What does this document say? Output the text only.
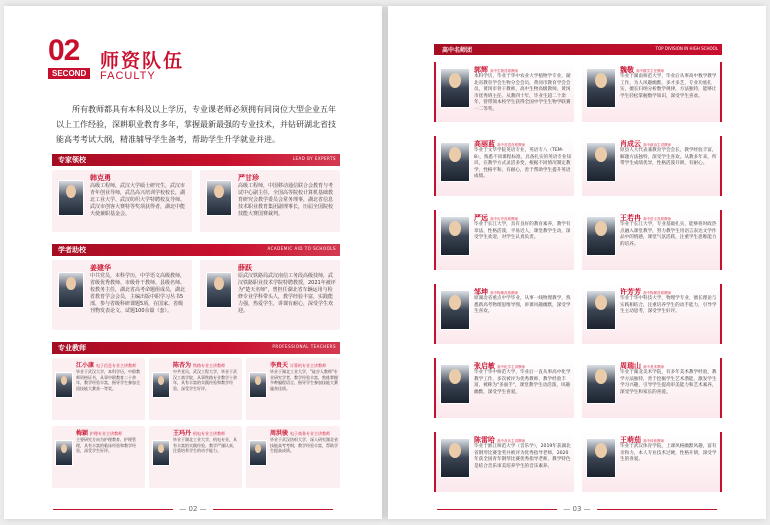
02
SECOND
师资队伍
FACULTY
所有教师都具有本科及以上学历，专业课老师必须拥有同岗位大型企业五年以上工作经验，深耕职业教育多年，掌握最新最强的专业技术，并钻研湖北省技能高考考试大纲，精准辅导学生备考，帮助学生升学就业并进。
专家领校	LEAD BY EXPERTS
韩克勇
高级工程师，武汉大学硕士研究生，武汉市青年创业导师，武昌高兴培训学校校长，湖北工业大学、武汉纺织大学特聘校友导师、武汉市创客大赛特等奖项获得者，湖北中能天使兼职基金会。
严甘珍
高级工程师，中国移动通信联合会教育与考试中心副主任，全国高等院校计算机基础教育研究会教学委员会常务理事，湖北省信息技术职业教育集团副理事长，历届全国院校技能大赛国赛裁判。
学者助校	ACADEMIC AID TO SCHOOLS
姜建华
中共党员，本科学历，中学语文高级教师，省级优秀教师、市级骨干教师、县级名师、校教务主任，湖北省高考命题组成员，湖北省教育学会会员，主编出版中职学习丛书5部，参与省级科研课题5项，在国家、省级刊物发表论文、试题100余篇（套）。
薛跃
原武汉铁路局武汉南信工务段高级技师，武汉铁路职业技术学院特聘教授，2021年被评为"楚天名师"，曾担任湖北省车辆运用与检修专业学科带头人，教学经验丰富，实践能力强，热爱学生，讲课有耐心，深受学生欢迎。
专业教师	PROFESSIONAL TEACHERS
江小康 电子信息专业主讲教师
毕业于武汉大学，本科学历，中职教师资格证书，从事中职教育二十余年，教学经验丰富，指导学生参加全国技能大赛获一等奖。
陈杏为 铁路专业主讲教师
中共党员，武汉工程大学，毕业于武汉工商学院，从事铁路专业教学十余年，具有丰富的实践经验和教学经验，深受学生好评。
李贵天 计算机专业主讲教师
毕业于湖北工业大学，"硅谷人教师"专业研究学者，教学经验丰富，熟练掌握多种编程语言，指导学生参加技能大赛屡获佳绩。
梅颖 护理专业主讲教师
主要研究方向为护理教育、护理管理，具有丰富的临床经验和教学经验，深受学生好评。
王玛丹 机电专业主讲教师
毕业于湖北工业大学，机电专业，具有丰富的实践经验，教学严谨认真，注重培养学生的动手能力。
周洪骏 电子商务专业主讲教师
毕业于武汉纺织大学，深入研究湖北省技能高考考纲，教学经验丰富，帮助学生提高成绩。
— 02 —
高中名师团	TOP DIVISION IN HIGH SCHOOL
郭辉 高中生物首席教师
本科学历，毕业于华中农业大学植物学专业，湖北省教育学会生物分会会员，黄冈市教育学会会员，黄冈市骨干教师，高中生物高级教师，黄冈市优秀班主任。从教四十年，毕业生超二十余年，曾带领本校学生获得全国中学生生物学联赛一二等奖。
魏敬 高中数学主任教师
毕业于湖南师范大学，毕业后从事高中数学教学工作，为人风趣幽默，多才多艺，专业功底扎实，擅长归纳分析数学规律，方法独特，能够让学生轻松掌握数学知识，深受学生喜欢。
高丽蓝 高中英语首席教师
毕业于文华学院英语专业，英语专八（TEM-8），熟悉不同课程标准，具备扎实的英语专业知识，在教学方式灵活多变，根据不同情况制定教学，性格平和，有耐心，善于帮助学生提升英语成绩。
肖成云 高中政治主讲教师
原县人大代表兼教育学会会长，教学经验丰富，解题方法独特，深受学生喜欢。从教多年来，所带学生成绩优异，性格活泼开朗，有耐心。
严远 高中历史首席教师
毕业于长江大学，具有良好的教育素养，教学有章法，性格活泼，平易近人，课堂教学生动，深受学生欢迎，对学生认真负责。
王若冉 高中语文首席教师
毕业于长江大学，专业基础扎实，能够将时政热点融入课堂教学，努力教学生用语言表达文学作品中的情感，课堂气氛活跃，注重学生思维能力的培养。
邹坤 高中物理首席教师
原湖北省重点中学毕业，从事一线物理教学，熟悉新高考物理思维导图，讲课风趣幽默，深受学生喜欢。
许芳芳 高中物理首席教师
毕业于华中科技大学，物理学专业，擅长理论与实践相结合，注重培养学生的动手能力，引导学生主动思考，深受学生好评。
张启敏 高中化学主讲教师
毕业于华中师范大学，毕业后一直从事高中化学教学工作，多次被评为优秀教师，教学经验丰富，被称为"多面手"，课堂教学生动活泼，风趣幽默，深受学生喜爱。
周瑞山 高中美术教师
毕业于湖北美术学院，有多年美术教学经验，教学方法独特，善于挖掘学生艺术潜能，激发学生学习兴趣，引导学生提高审美能力和艺术素养，深受学生和家长的喜爱。
陈雷哈 高中音乐主讲教师
毕业于浙江师范大学（音乐学），2019年获湖北省钢琴比赛金奖并被评为优秀指导老师，2020年获全国青年钢琴比赛优秀指导老师，教学特色是结合音乐审美培养学生的音乐素养。
王萌茄 高中体育教师
毕业于武汉体育学院，上课风格幽默风趣，富有亲和力，本人专业技术过硬，性格开朗，深受学生的喜爱。
— 03 —
